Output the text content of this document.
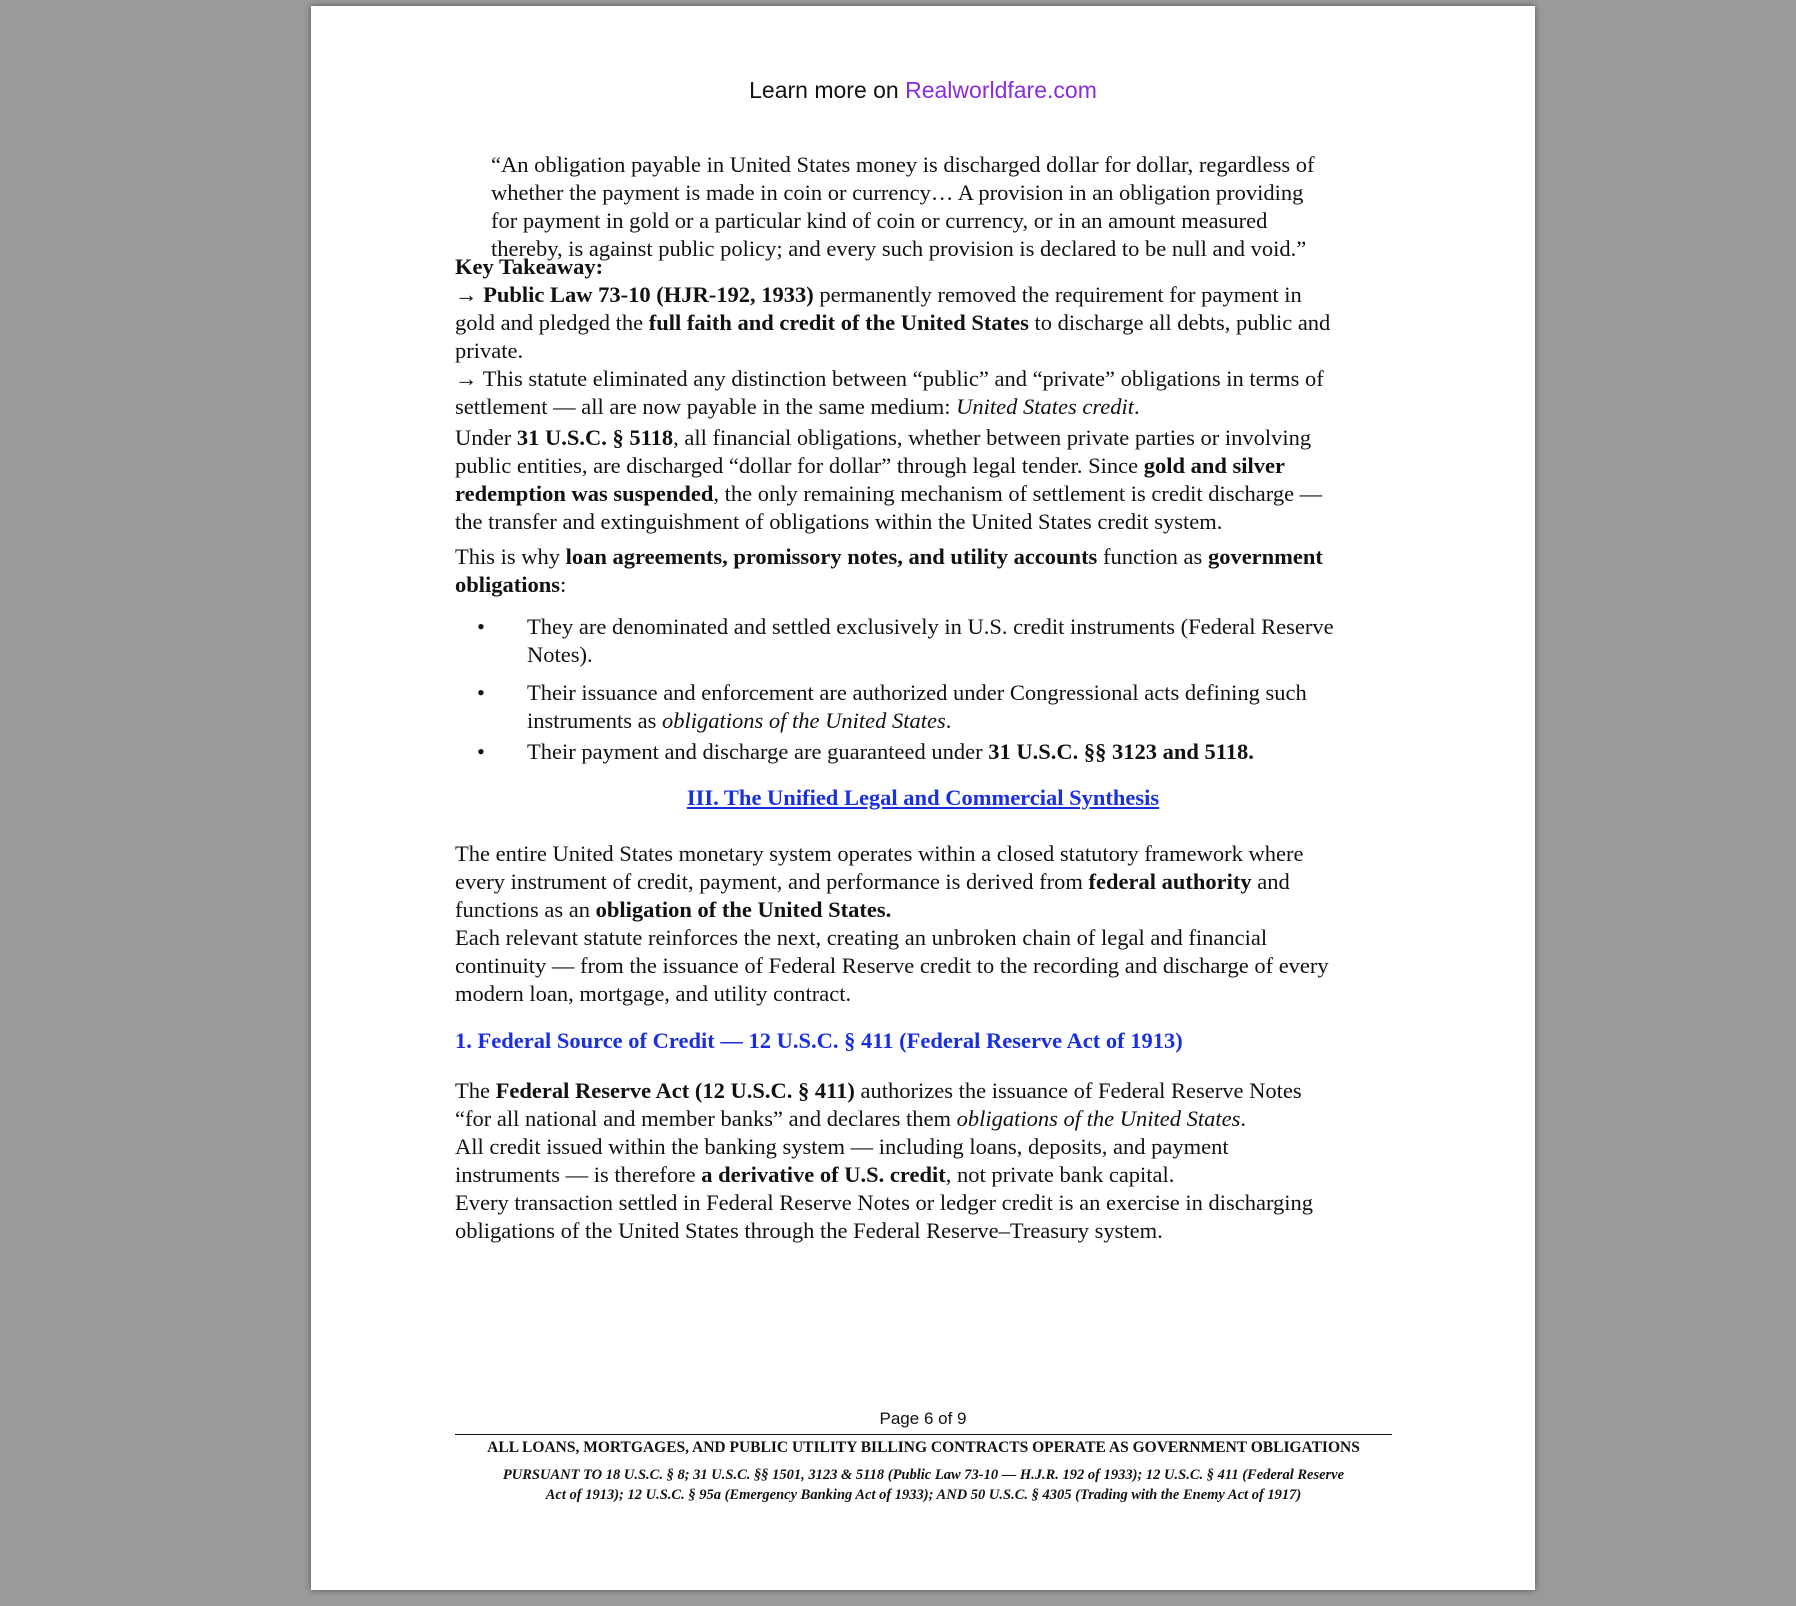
Learn more on Realworldfare.com
“An obligation payable in United States money is discharged dollar for dollar, regardless of
whether the payment is made in coin or currency… A provision in an obligation providing
for payment in gold or a particular kind of coin or currency, or in an amount measured
thereby, is against public policy; and every such provision is declared to be null and void.”
Key Takeaway:
→ Public Law 73-10 (HJR-192, 1933) permanently removed the requirement for payment in
gold and pledged the full faith and credit of the United States to discharge all debts, public and
private.
→ This statute eliminated any distinction between “public” and “private” obligations in terms of
settlement — all are now payable in the same medium: United States credit.
Under 31 U.S.C. § 5118, all financial obligations, whether between private parties or involving
public entities, are discharged “dollar for dollar” through legal tender. Since gold and silver
redemption was suspended, the only remaining mechanism of settlement is credit discharge —
the transfer and extinguishment of obligations within the United States credit system.
This is why loan agreements, promissory notes, and utility accounts function as government
obligations:
• They are denominated and settled exclusively in U.S. credit instruments (Federal Reserve
Notes).
• Their issuance and enforcement are authorized under Congressional acts defining such
instruments as obligations of the United States.
• Their payment and discharge are guaranteed under 31 U.S.C. §§ 3123 and 5118.
III. The Unified Legal and Commercial Synthesis
The entire United States monetary system operates within a closed statutory framework where
every instrument of credit, payment, and performance is derived from federal authority and
functions as an obligation of the United States.
Each relevant statute reinforces the next, creating an unbroken chain of legal and financial
continuity — from the issuance of Federal Reserve credit to the recording and discharge of every
modern loan, mortgage, and utility contract.
1. Federal Source of Credit — 12 U.S.C. § 411 (Federal Reserve Act of 1913)
The Federal Reserve Act (12 U.S.C. § 411) authorizes the issuance of Federal Reserve Notes
“for all national and member banks” and declares them obligations of the United States.
All credit issued within the banking system — including loans, deposits, and payment
instruments — is therefore a derivative of U.S. credit, not private bank capital.
Every transaction settled in Federal Reserve Notes or ledger credit is an exercise in discharging
obligations of the United States through the Federal Reserve–Treasury system.
Page 6 of 9
ALL LOANS, MORTGAGES, AND PUBLIC UTILITY BILLING CONTRACTS OPERATE AS GOVERNMENT OBLIGATIONS
PURSUANT TO 18 U.S.C. § 8; 31 U.S.C. §§ 1501, 3123 & 5118 (Public Law 73-10 — H.J.R. 192 of 1933); 12 U.S.C. § 411 (Federal Reserve
Act of 1913); 12 U.S.C. § 95a (Emergency Banking Act of 1933); AND 50 U.S.C. § 4305 (Trading with the Enemy Act of 1917)
